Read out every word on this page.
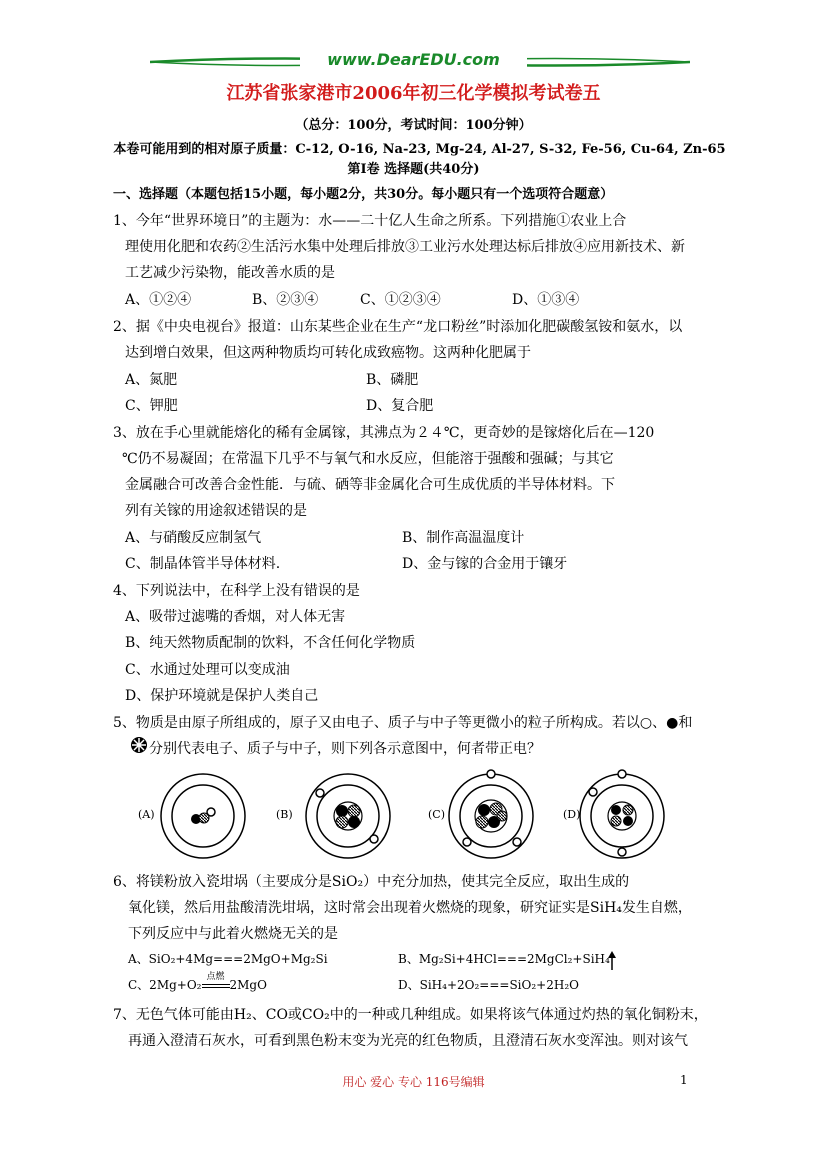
www.DearEDU.com
江苏省张家港市2006年初三化学模拟考试卷五
（总分：100分，考试时间：100分钟）
本卷可能用到的相对原子质量：C-12, O-16, Na-23, Mg-24, Al-27, S-32, Fe-56, Cu-64, Zn-65
第Ⅰ卷 选择题(共40分)
一、选择题（本题包括15小题，每小题2分，共30分。每小题只有一个选项符合题意）
1、今年“世界环境日”的主题为：水——二十亿人生命之所系。下列措施①农业上合
理使用化肥和农药②生活污水集中处理后排放③工业污水处理达标后排放④应用新技术、新
工艺减少污染物，能改善水质的是
A、①②④	B、②③④	C、①②③④	D、①③④
2、据《中央电视台》报道：山东某些企业在生产“龙口粉丝”时添加化肥碳酸氢铵和氨水，以
达到增白效果，但这两种物质均可转化成致癌物。这两种化肥属于
A、氮肥	B、磷肥
C、钾肥	D、复合肥
3、放在手心里就能熔化的稀有金属镓，其沸点为２４℃，更奇妙的是镓熔化后在—120
℃仍不易凝固；在常温下几乎不与氧气和水反应，但能溶于强酸和强碱；与其它
金属融合可改善合金性能．与硫、硒等非金属化合可生成优质的半导体材料。下
列有关镓的用途叙述错误的是
A、与硝酸反应制氢气	B、制作高温温度计
C、制晶体管半导体材料.	D、金与镓的合金用于镶牙
4、下列说法中，在科学上没有错误的是
A、吸带过滤嘴的香烟，对人体无害
B、纯天然物质配制的饮料，不含任何化学物质
C、水通过处理可以变成油
D、保护环境就是保护人类自己
5、物质是由原子所组成的，原子又由电子、质子与中子等更微小的粒子所构成。若以○、●和
分别代表电子、质子与中子，则下列各示意图中，何者带正电？
(A)	(B)	(C)	(D)
6、将镁粉放入瓷坩埚（主要成分是SiO₂）中充分加热，使其完全反应，取出生成的
氧化镁，然后用盐酸清洗坩埚，这时常会出现着火燃烧的现象，研究证实是SiH₄发生自燃，
下列反应中与此着火燃烧无关的是
A、SiO₂+4Mg===2MgO+Mg₂Si	B、Mg₂Si+4HCl===2MgCl₂+SiH₄
C、2Mg+O₂
点燃
2MgO	D、SiH₄+2O₂===SiO₂+2H₂O
7、无色气体可能由H₂、CO或CO₂中的一种或几种组成。如果将该气体通过灼热的氧化铜粉末，
再通入澄清石灰水，可看到黑色粉末变为光亮的红色物质，且澄清石灰水变浑浊。则对该气
用心 爱心 专心 116号编辑	1
